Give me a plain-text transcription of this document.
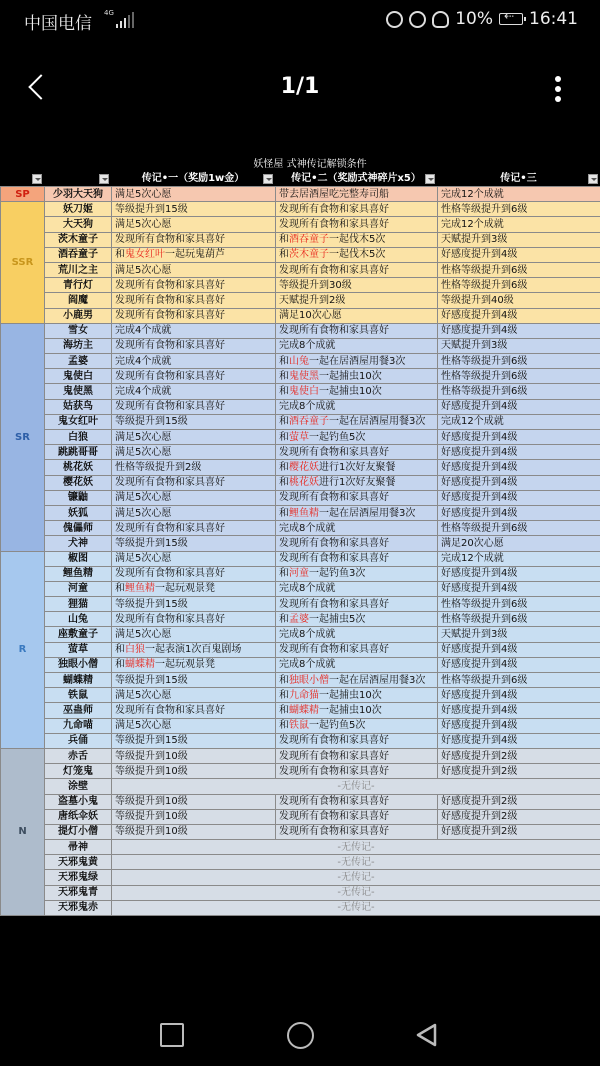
中国电信
4G	10% ⇠ 16:41
1/1
妖怪屋 式神传记解锁条件
传记•一（奖励1w金）	传记•二（奖励式神碎片x5）	传记•三
SP	少羽大天狗	满足5次心愿	带去居酒屋吃完整寿司船	完成12个成就
SSR	妖刀姬	等级提升到15级	发现所有食物和家具喜好	性格等级提升到6级
	大天狗	满足5次心愿	发现所有食物和家具喜好	完成12个成就
	茨木童子	发现所有食物和家具喜好	和酒吞童子一起伐木5次	天赋提升到3级
	酒吞童子	和鬼女红叶一起玩鬼葫芦	和茨木童子一起伐木5次	好感度提升到4级
	荒川之主	满足5次心愿	发现所有食物和家具喜好	性格等级提升到6级
	青行灯	发现所有食物和家具喜好	等级提升到30级	性格等级提升到6级
	阎魔	发现所有食物和家具喜好	天赋提升到2级	等级提升到40级
	小鹿男	发现所有食物和家具喜好	满足10次心愿	好感度提升到4级
SR	雪女	完成4个成就	发现所有食物和家具喜好	好感度提升到4级
	海坊主	发现所有食物和家具喜好	完成8个成就	天赋提升到3级
	孟婆	完成4个成就	和山兔一起在居酒屋用餐3次	性格等级提升到6级
	鬼使白	发现所有食物和家具喜好	和鬼使黑一起捕虫10次	性格等级提升到6级
	鬼使黑	完成4个成就	和鬼使白一起捕虫10次	性格等级提升到6级
	姑获鸟	发现所有食物和家具喜好	完成8个成就	好感度提升到4级
	鬼女红叶	等级提升到15级	和酒吞童子一起在居酒屋用餐3次	完成12个成就
	白狼	满足5次心愿	和萤草一起钓鱼5次	好感度提升到4级
	跳跳哥哥	满足5次心愿	发现所有食物和家具喜好	好感度提升到4级
	桃花妖	性格等级提升到2级	和樱花妖进行1次好友聚餐	好感度提升到4级
	樱花妖	发现所有食物和家具喜好	和桃花妖进行1次好友聚餐	好感度提升到4级
	镰鼬	满足5次心愿	发现所有食物和家具喜好	好感度提升到4级
	妖狐	满足5次心愿	和鲤鱼精一起在居酒屋用餐3次	好感度提升到4级
	傀儡师	发现所有食物和家具喜好	完成8个成就	性格等级提升到6级
	犬神	等级提升到15级	发现所有食物和家具喜好	满足20次心愿
R	椒图	满足5次心愿	发现所有食物和家具喜好	完成12个成就
	鲤鱼精	发现所有食物和家具喜好	和河童一起钓鱼3次	好感度提升到4级
	河童	和鲤鱼精一起玩观景凳	完成8个成就	好感度提升到4级
	狸猫	等级提升到15级	发现所有食物和家具喜好	性格等级提升到6级
	山兔	发现所有食物和家具喜好	和孟婆一起捕虫5次	性格等级提升到6级
	座敷童子	满足5次心愿	完成8个成就	天赋提升到3级
	萤草	和白狼一起表演1次百鬼剧场	发现所有食物和家具喜好	好感度提升到4级
	独眼小僧	和蝴蝶精一起玩观景凳	完成8个成就	好感度提升到4级
	蝴蝶精	等级提升到15级	和独眼小僧一起在居酒屋用餐3次	性格等级提升到6级
	铁鼠	满足5次心愿	和九命猫一起捕虫10次	好感度提升到4级
	巫蛊师	发现所有食物和家具喜好	和蝴蝶精一起捕虫10次	好感度提升到4级
	九命喵	满足5次心愿	和铁鼠一起钓鱼5次	好感度提升到4级
	兵俑	等级提升到15级	发现所有食物和家具喜好	好感度提升到4级
N	赤舌	等级提升到10级	发现所有食物和家具喜好	好感度提升到2级
	灯笼鬼	等级提升到10级	发现所有食物和家具喜好	好感度提升到2级
	涂壁	-无传记-		
	盗墓小鬼	等级提升到10级	发现所有食物和家具喜好	好感度提升到2级
	唐纸伞妖	等级提升到10级	发现所有食物和家具喜好	好感度提升到2级
	提灯小僧	等级提升到10级	发现所有食物和家具喜好	好感度提升到2级
	帚神	-无传记-		
	天邪鬼黄	-无传记-		
	天邪鬼绿	-无传记-		
	天邪鬼青	-无传记-		
	天邪鬼赤	-无传记-		
